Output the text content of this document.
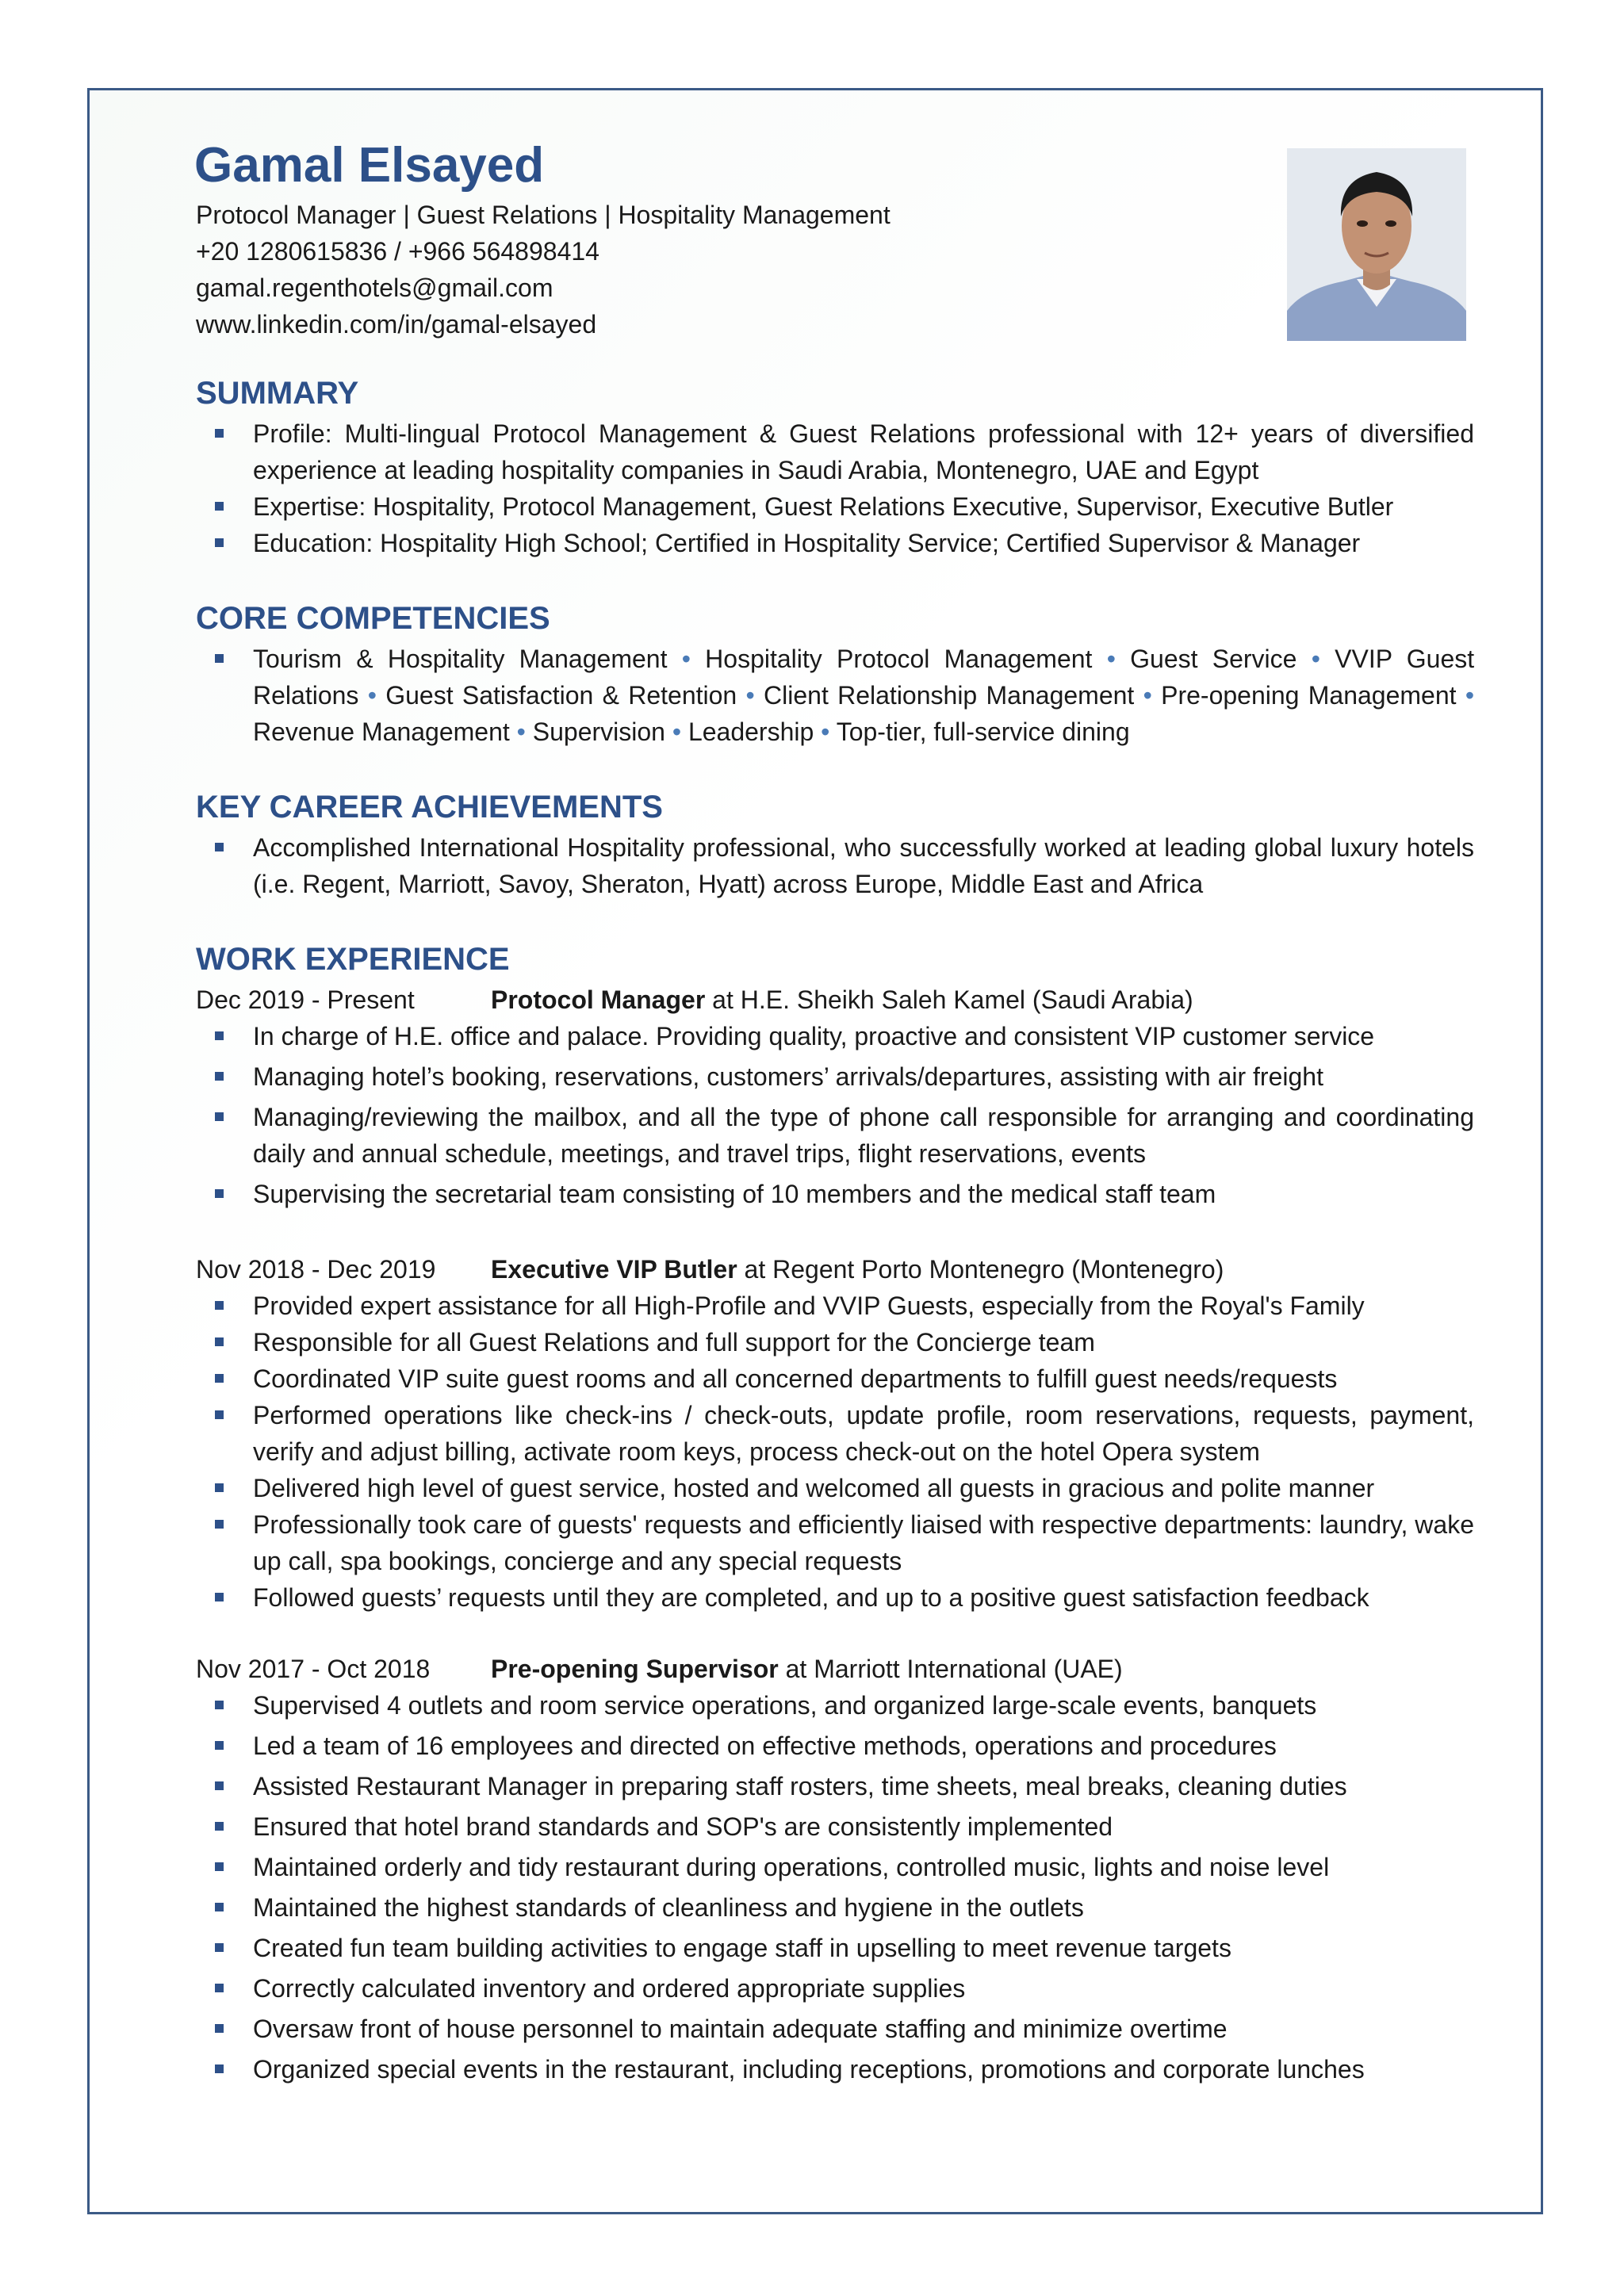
Gamal Elsayed
Protocol Manager | Guest Relations | Hospitality Management
+20 1280615836 / +966 564898414
gamal.regenthotels@gmail.com
www.linkedin.com/in/gamal-elsayed
SUMMARY
Profile: Multi-lingual Protocol Management & Guest Relations professional with 12+ years of diversified experience at leading hospitality companies in Saudi Arabia, Montenegro, UAE and Egypt
Expertise: Hospitality, Protocol Management, Guest Relations Executive, Supervisor, Executive Butler
Education: Hospitality High School; Certified in Hospitality Service; Certified Supervisor & Manager
CORE COMPETENCIES
Tourism & Hospitality Management • Hospitality Protocol Management • Guest Service • VVIP Guest Relations • Guest Satisfaction & Retention • Client Relationship Management • Pre-opening Management • Revenue Management • Supervision • Leadership • Top-tier, full-service dining
KEY CAREER ACHIEVEMENTS
Accomplished International Hospitality professional, who successfully worked at leading global luxury hotels (i.e. Regent, Marriott, Savoy, Sheraton, Hyatt) across Europe, Middle East and Africa
WORK EXPERIENCE
Dec 2019 - Present	Protocol Manager at H.E. Sheikh Saleh Kamel (Saudi Arabia)
In charge of H.E. office and palace. Providing quality, proactive and consistent VIP customer service
Managing hotel’s booking, reservations, customers’ arrivals/departures, assisting with air freight
Managing/reviewing the mailbox, and all the type of phone call responsible for arranging and coordinating daily and annual schedule, meetings, and travel trips, flight reservations, events
Supervising the secretarial team consisting of 10 members and the medical staff team
Nov 2018 - Dec 2019	Executive VIP Butler at Regent Porto Montenegro (Montenegro)
Provided expert assistance for all High-Profile and VVIP Guests, especially from the Royal's Family
Responsible for all Guest Relations and full support for the Concierge team
Coordinated VIP suite guest rooms and all concerned departments to fulfill guest needs/requests
Performed operations like check-ins / check-outs, update profile, room reservations, requests, payment, verify and adjust billing, activate room keys, process check-out on the hotel Opera system
Delivered high level of guest service, hosted and welcomed all guests in gracious and polite manner
Professionally took care of guests' requests and efficiently liaised with respective departments: laundry, wake up call, spa bookings, concierge and any special requests
Followed guests’ requests until they are completed, and up to a positive guest satisfaction feedback
Nov 2017 - Oct 2018	Pre-opening Supervisor at Marriott International (UAE)
Supervised 4 outlets and room service operations, and organized large-scale events, banquets
Led a team of 16 employees and directed on effective methods, operations and procedures
Assisted Restaurant Manager in preparing staff rosters, time sheets, meal breaks, cleaning duties
Ensured that hotel brand standards and SOP's are consistently implemented
Maintained orderly and tidy restaurant during operations, controlled music, lights and noise level
Maintained the highest standards of cleanliness and hygiene in the outlets
Created fun team building activities to engage staff in upselling to meet revenue targets
Correctly calculated inventory and ordered appropriate supplies
Oversaw front of house personnel to maintain adequate staffing and minimize overtime
Organized special events in the restaurant, including receptions, promotions and corporate lunches
